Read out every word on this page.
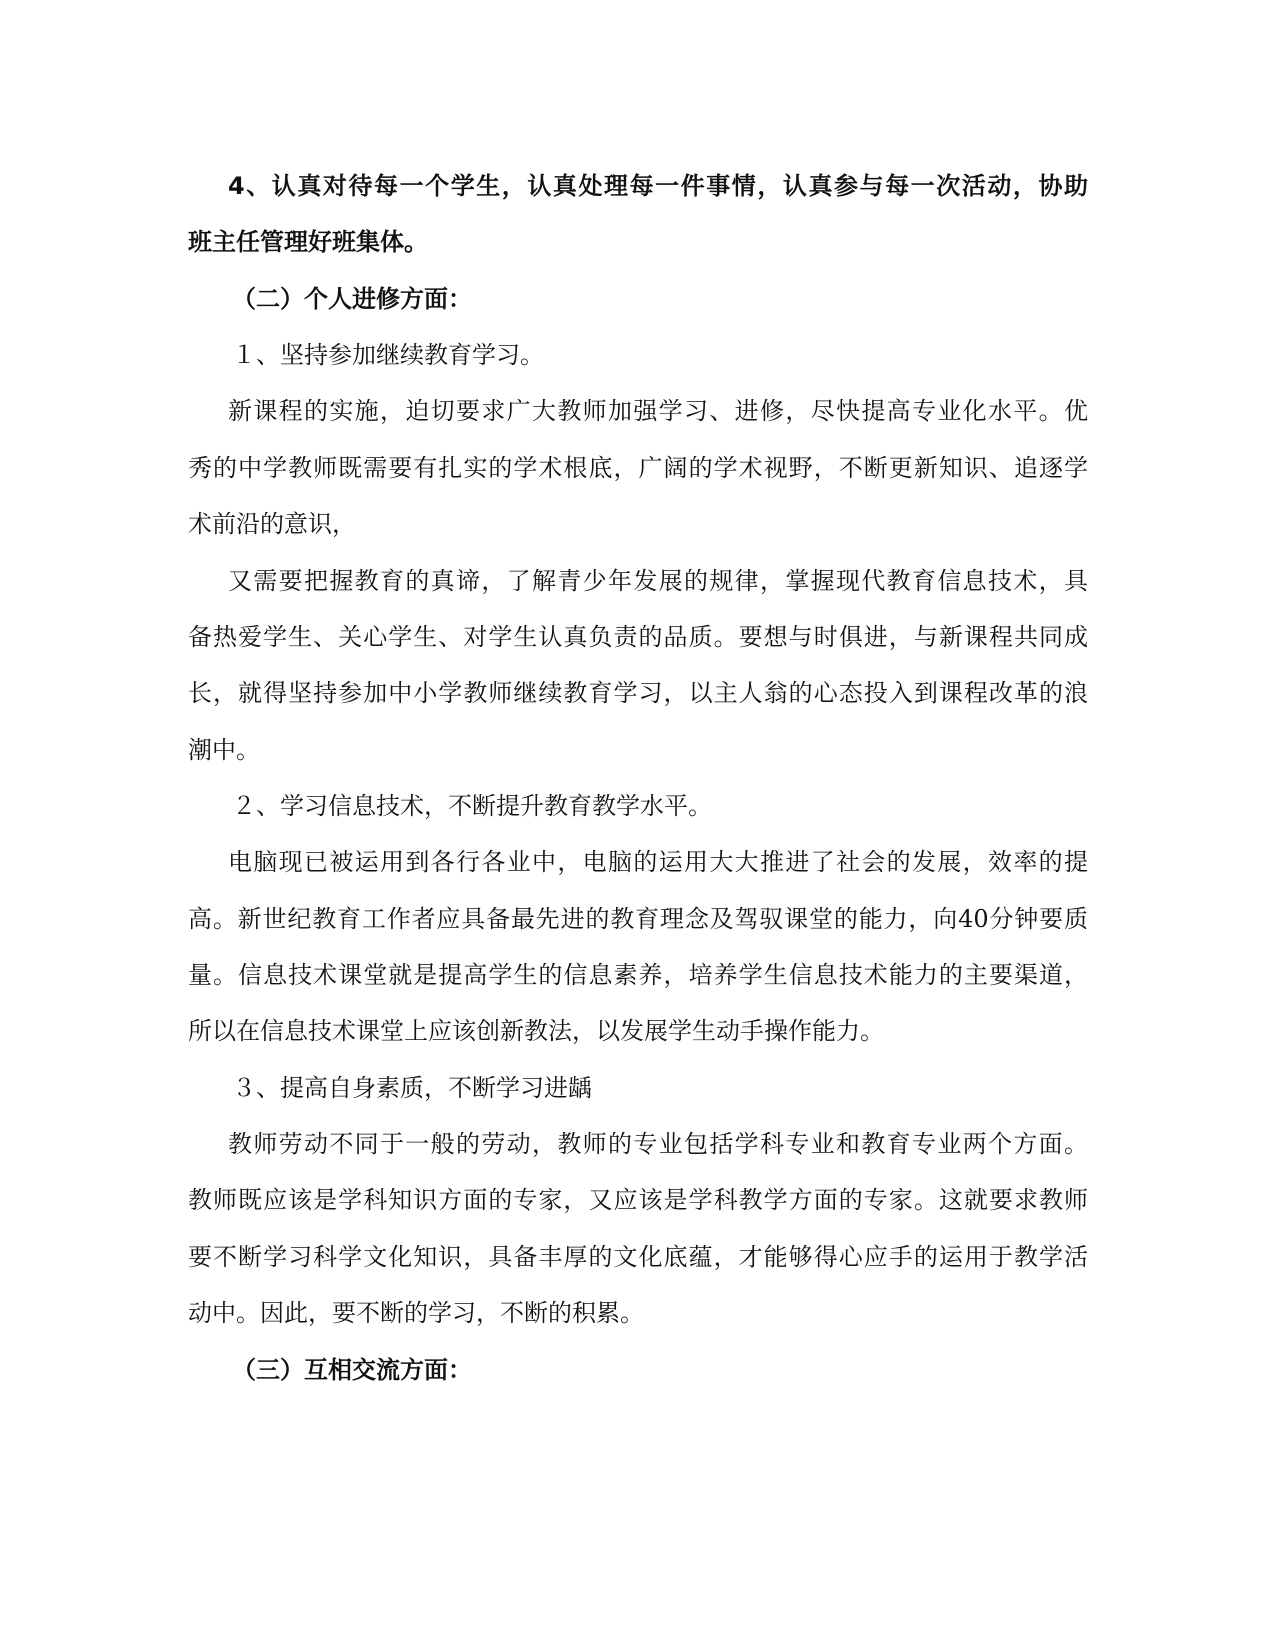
4、认真对待每一个学生，认真处理每一件事情，认真参与每一次活动，协助
班主任管理好班集体。
（二）个人进修方面：
１、坚持参加继续教育学习。
新课程的实施，迫切要求广大教师加强学习、进修，尽快提高专业化水平。优
秀的中学教师既需要有扎实的学术根底，广阔的学术视野，不断更新知识、追逐学
术前沿的意识，
又需要把握教育的真谛，了解青少年发展的规律，掌握现代教育信息技术，具
备热爱学生、关心学生、对学生认真负责的品质。要想与时俱进，与新课程共同成
长，就得坚持参加中小学教师继续教育学习，以主人翁的心态投入到课程改革的浪
潮中。
２、学习信息技术，不断提升教育教学水平。
电脑现已被运用到各行各业中，电脑的运用大大推进了社会的发展，效率的提
高。新世纪教育工作者应具备最先进的教育理念及驾驭课堂的能力，向40分钟要质
量。信息技术课堂就是提高学生的信息素养，培养学生信息技术能力的主要渠道，
所以在信息技术课堂上应该创新教法，以发展学生动手操作能力。
３、提高自身素质，不断学习进龋
教师劳动不同于一般的劳动，教师的专业包括学科专业和教育专业两个方面。
教师既应该是学科知识方面的专家，又应该是学科教学方面的专家。这就要求教师
要不断学习科学文化知识，具备丰厚的文化底蕴，才能够得心应手的运用于教学活
动中。因此，要不断的学习，不断的积累。
（三）互相交流方面：
